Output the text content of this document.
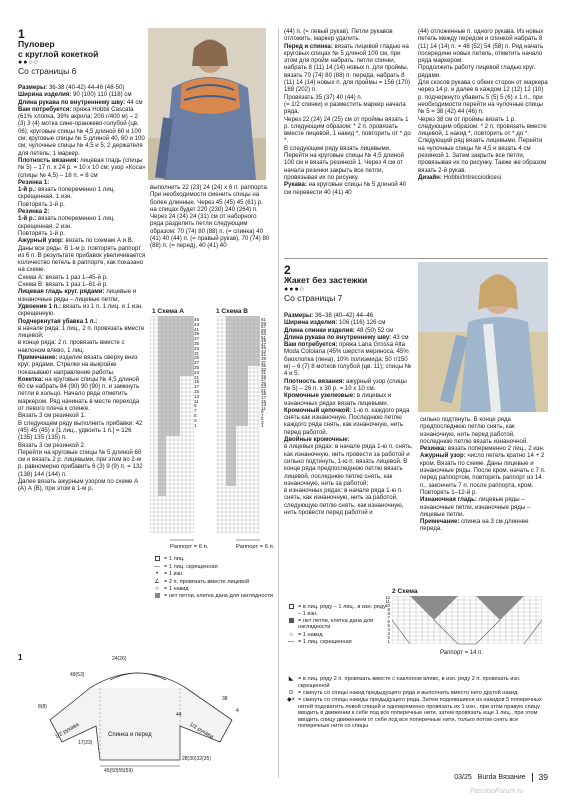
1
Пуловер
с круглой кокеткой
●●○○
Со страницы 6

Размеры: 36-38 (40-42) 44-46 (48-50)

Ширина изделия: 90 (100) 110 (118) см

Длина рукава по внутреннему шву: 44 см

Вам потребуется: пряжа Hobbii Cascata (61% хлопка, 39% акрила; 200 г/400 м) – 2 (3) 3 (4) мотка сине-оранжево-голубой (цв. 06); круговые спицы № 4,5 длиной 60 и 100 см; круговые спицы № 5 длиной 40, 60 и 100 см; чулочные спицы № 4,5 и 5; 2 держателя для петель; 1 маркер.

Плотность вязания: лицевая гладь (спицы № 5) – 17 п. x 24 р. = 10 x 10 см; узор «Коса» (спицы № 4,5) – 18 п. = 8 см

Резинка 1:

1-й р.: вязать попеременно 1 лиц. скрещенная, 1 изн.

Повторять 1-й р.

Резинка 2:

1-й р.: вязать попеременно 1 лиц. скрещенная, 2 изн.

Повторять 1-й р.

Ажурный узор: вязать по схемам А и В. Даны все ряды. В 1-м р. повторять раппорт из 6 п. В результате прибавок увеличивается количество петель в раппорте, как показано на схеме.

Схема А: вязать 1 раз 1–45-й р.

Схема В: вязать 1 раз 1–61-й р.

Лицевая гладь круг. рядами: лицевые и изнаночные ряды – лицевые петли.

Удвоение 1 п.: вязать из 1 п. 1 лиц. и 1 изн. скрещенную.

Подчеркнутая убавка 1 п.:

в начале ряда: 1 лиц., 2 п. провязать вместе лицевой;

в конце ряда: 2 п. провязать вместе с наклоном влево, 1 лиц.

Примечание: изделие вязать сверху вниз круг. рядами. Стрелки на выкройке показывают направление работы.

Кокетка: на круговые спицы № 4,5 длиной 60 см набрать 84 (90) 90 (90) п. и замкнуть петли в кольцо. Начало ряда отметить маркером. Ряд начинать в месте перехода от левого плеча к спинке.

Вязать 3 см резинкой 1.

В следующем ряду выполнить прибавки: 42 (45) 45 (45) x [1 лиц., удвоить 1 п.] = 126 (135) 135 (135) п.

Вязать 3 см резинкой 2.

Перейти на круговые спицы № 5 длиной 60 см и вязать 2 р. лицевыми, при этом во 2-м р. равномерно прибавить 6 (3) 9 (9) п. = 132 (138) 144 (144) п.

Далее вязать ажурным узором по схеме А (А) А (В), при этом в 1-м р.

выполнить 22 (23) 24 (24) x 6 п. раппорта. При необходимости сменить спицы на более длинные. Через 45 (45) 45 (61) р. на спицах будет 220 (230) 240 (264) п. Через 24 (24) 24 (31) см от наборного ряда разделить петли следующим образом: 70 (74) 80 (88) п. (= спинка) 40 (41) 40 (44) п. (= правый рукав), 70 (74) 80 (88) п. (= перед), 40 (41) 40

1 Схема А	1 Схема В
45
43
41
39
37
35
33
31
29
27
25
23
21
19
17
15
13
11
9
7
5
3
1
61
59
57
55
53
51
49
47
45
43
41
39
37
35
33
31
29
27
25
23
21
19
17
15
13
11
9
7
5
3
1
Раппорт = 6 п.	Раппорт = 6 п.
= 1 лиц.
— = 1 лиц. скрещенная
•	= 1 изн.
∠ = 2 п. провязать вместе лицевой
○ = 1 накид
= нет петли, клетка дана для наглядности
1
Спинка и перед
1/2 рукава	1/2 рукава
24(26)
49(53)
8(8)
17(23)
45(50)55(59)
44
4
28(30)32(35)
38

(44) п. (= левый рукав). Петли рукавов отложить, маркер удалить.

Перед и спинка: вязать лицевой гладью на круговых спицах № 5 длиной 100 см, при этом для пройм набрать: петли спинки, набрать 8 (11) 14 (14) новых п. для проймы, вязать 70 (74) 80 (88) п. переда, набрать 8 (11) 14 (14) новых п. для проймы = 156 (170) 188 (202) п.

Провязать 35 (37) 40 (44) п.

(= 1/2 спинки) и разместить маркер начала ряда.

Через 22 (24) 24 (25) см от проймы вязать 1 р. следующим образом: * 2 п. провязать вместе лицевой, 1 накид *, повторить от * до *.

В следующем ряду вязать лицевыми. Перейти на круговые спицы № 4,5 длиной 100 см и вязать резинкой 1. Через 4 см от начала резинки закрыть все петли, провязывая их по рисунку.

Рукава: на круговые спицы № 5 длиной 40 см перевести 40 (41) 40

(44) отложенные п. одного рукава. Из новых петель между передом и спинкой набрать 8 (11) 14 (14) п. = 48 (52) 54 (58) п. Ряд начать посередине новых петель, отметить начало ряда маркером.

Продолжить работу лицевой гладью круг. рядами.

Для скосов рукава с обеих сторон от маркера через 14 р. и далее в каждом 12 (12) 12 (10) р. подчеркнуто убавить 5 (5) 5 (6) x 1 п., при необходимости перейти на чулочные спицы № 5 = 38 (42) 44 (46) п.

Через 38 см от проймы вязать 1 р. следующим образом: * 2 п. провязать вместе лицевой, 1 накид *, повторить от * до *.

Следующий ряд вязать лицевыми. Перейти на чулочные спицы № 4,5 и вязать 4 см резинкой 1. Затем закрыть все петли, провязывая их по рисунку. Также же образом вязать 2-й рукав.

Дизайн: Hobbii/Intrecciodicesi

2
Жакет без застежки
●●●○
Со страницы 7

Размеры: 36–38 (40–42) 44–46

Ширина изделия: 106 (116) 126 см

Длина спинки изделия: 48 (50) 52 см

Длина рукава по внутреннему шву: 43 см

Вам потребуется: пряжа Lana Grossa Alta Moda Cotolana (45% шерсти мериноса, 45% биохлопка (лена), 10% полиэмида; 50 г/150 м) – 6 (7) 8 мотков голубой (цв. 11); спицы № 4 и 5.

Плотность вязания: ажурный узор (спицы № 5) – 26 п. x 30 р. = 10 x 10 см.

Кромочные узелковые: в лицевых и изнаночных рядах вязать лицевыми.

Кромочный цепочкой: 1-ю п. каждого ряда снять как изнаночную. Последнюю петлю каждого ряда снять, как изнаночную, нить перед работой.

Двойные кромочные:

в лицевых рядах: в начале ряда 1-ю п. снять, как изнаночную, нить провести за работой и сильно подтянуть, 1-ю п. вязать лицевой. В конце ряда предпоследнюю петлю вязать лицевой, последнюю петлю снять, как изнаночную, нить за работой;

в изнаночных рядах: в начале ряда 1-ю п. снять, как изнаночную, нить за работой, следующую петлю снять, как изнаночную, нить провести перед работой и

сильно подтянуть. В конце ряда предпоследнюю петлю снять, как изнаночную, нить перед работой, последнюю петлю вязать изнаночной.

Резинка: вязать попеременно 2 лиц., 2 изн.

Ажурный узор: число петель кратно 14 + 2 кром. Вязать по схеме. Даны лицевые и изнаночные ряды. После кром. начать с 7 п. перед раппортом, повторять раппорт из 14 п., закончить 7 п. после раппорта, кром. Повторять 1–12-й р.

Изнаночная гладь: лицевые ряды – изнаночные петли, изнаночные ряды – лицевые петли.

Примечание: спинка на 3 см длиннее переда.

2 Схема
12
11
10
9
8
7
6
5
4
3
2
1
Раппорт = 14 п.
= в лиц. ряду – 1 лиц., в изн. ряду – 1 изн.
= нет петли, клетка дана для наглядности
○ = 1 накид
— = 1 лиц. скрещенная
◣ = в лиц. ряду 2 п. провязать вместе с наклоном влево, в изн. ряду 2 п. провязать изн. скрещенной
⊙ = скинуть со спицы накид предыдущего ряда и выполнить вместо него другой накид
◆× = скинуть со спицы накиды предыдущего ряда. Затем поднявшиеся из накидов 5 поперечных нитей подхватить левой спицей и одновременно провязать их 1 изн., при этом правую спицу вводить в движении к себе под все поперечные нити, затем провязать еще 1 лиц., при этом вводить спицу движением от себя под все поперечные нити, только потом снять все поперечные нити со спицы
03/25 Burda Вязание 39
PassionForum.ru
